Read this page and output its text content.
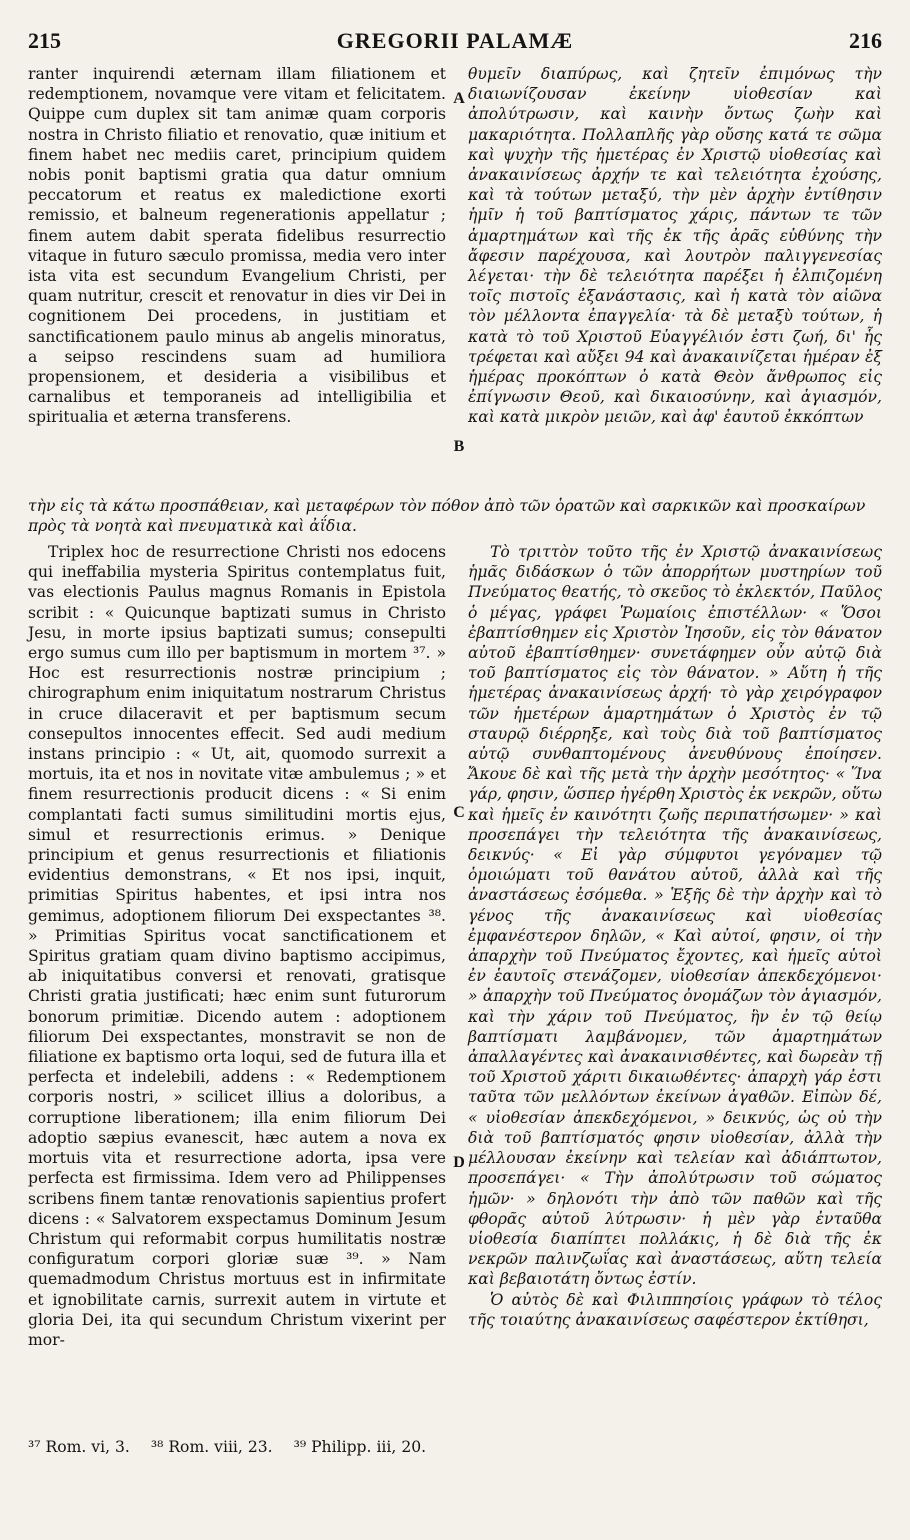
215	GREGORII PALAMÆ	216

ranter inquirendi æternam illam filiationem et redemptionem, novamque vere vitam et felicitatem. Quippe cum duplex sit tam animæ quam corporis nostra in Christo filiatio et renovatio, quæ initium et finem habet nec mediis caret, principium quidem nobis ponit baptismi gratia qua datur omnium peccatorum et reatus ex maledictione exorti remissio, et balneum regenerationis appellatur ; finem autem dabit sperata fidelibus resurrectio vitaque in futuro sæculo promissa, media vero inter ista vita est secundum Evangelium Christi, per quam nutritur, crescit et renovatur in dies vir Dei in cognitionem Dei procedens, in justitiam et sanctificationem paulo minus ab angelis minoratus, a seipso rescindens suam ad humiliora propensionem, et desideria a visibilibus et carnalibus et temporaneis ad intelligibilia et spiritualia et æterna transferens.

A

θυμεῖν διαπύρως, καὶ ζητεῖν ἐπιμόνως τὴν διαιωνίζουσαν ἐκείνην υἱοθεσίαν καὶ ἀπολύτρωσιν, καὶ καινὴν ὄντως ζωὴν καὶ μακαριότητα. Πολλαπλῆς γὰρ οὔσης κατά τε σῶμα καὶ ψυχὴν τῆς ἡμετέρας ἐν Χριστῷ υἱοθεσίας καὶ ἀνακαινίσεως ἀρχήν τε καὶ τελειότητα ἐχούσης, καὶ τὰ τούτων μεταξύ, τὴν μὲν ἀρχὴν ἐντίθησιν ἡμῖν ἡ τοῦ βαπτίσματος χάρις, πάντων τε τῶν ἁμαρτημάτων καὶ τῆς ἐκ τῆς ἀρᾶς εὐθύνης τὴν ἄφεσιν παρέχουσα, καὶ λουτρὸν παλιγγενεσίας λέγεται· τὴν δὲ τελειότητα παρέξει ἡ ἐλπιζομένη τοῖς πιστοῖς ἐξανάστασις, καὶ ἡ κατὰ τὸν αἰῶνα τὸν μέλλοντα ἐπαγγελία· τὰ δὲ μεταξὺ τούτων, ἡ κατὰ τὸ τοῦ Χριστοῦ Εὐαγγέλιόν ἐστι ζωή, δι' ἧς τρέφεται καὶ αὔξει 94 καὶ ἀνακαινίζεται ἡμέραν ἐξ ἡμέρας προκόπτων ὁ κατὰ Θεὸν ἄνθρωπος εἰς ἐπίγνωσιν Θεοῦ, καὶ δικαιοσύνην, καὶ ἁγιασμόν, καὶ κατὰ μικρὸν μειῶν, καὶ ἀφ' ἑαυτοῦ ἐκκόπτων

B
τὴν εἰς τὰ κάτω προσπάθειαν, καὶ μεταφέρων τὸν πόθον ἀπὸ τῶν ὁρατῶν καὶ σαρκικῶν καὶ προσκαίρων πρὸς τὰ νοητὰ καὶ πνευματικὰ καὶ ἀΐδια.

Triplex hoc de resurrectione Christi nos edocens qui ineffabilia mysteria Spiritus contemplatus fuit, vas electionis Paulus magnus Romanis in Epistola scribit : « Quicunque baptizati sumus in Christo Jesu, in morte ipsius baptizati sumus; consepulti ergo sumus cum illo per baptismum in mortem ³⁷. » Hoc est resurrectionis nostræ principium ; chirographum enim iniquitatum nostrarum Christus in cruce dilaceravit et per baptismum secum consepultos innocentes effecit. Sed audi medium instans principio : « Ut, ait, quomodo surrexit a mortuis, ita et nos in novitate vitæ ambulemus ; » et finem resurrectionis producit dicens : « Si enim complantati facti sumus similitudini mortis ejus, simul et resurrectionis erimus. » Denique principium et genus resurrectionis et filiationis evidentius demonstrans, « Et nos ipsi, inquit, primitias Spiritus habentes, et ipsi intra nos gemimus, adoptionem filiorum Dei exspectantes ³⁸. » Primitias Spiritus vocat sanctificationem et Spiritus gratiam quam divino baptismo accipimus, ab iniquitatibus conversi et renovati, gratisque Christi gratia justificati; hæc enim sunt futurorum bonorum primitiæ. Dicendo autem : adoptionem filiorum Dei exspectantes, monstravit se non de filiatione ex baptismo orta loqui, sed de futura illa et perfecta et indelebili, addens : « Redemptionem corporis nostri, » scilicet illius a doloribus, a corruptione liberationem; illa enim filiorum Dei adoptio sæpius evanescit, hæc autem a nova ex mortuis vita et resurrectione adorta, ipsa vere perfecta est firmissima. Idem vero ad Philippenses scribens finem tantæ renovationis sapientius profert dicens : « Salvatorem exspectamus Dominum Jesum Christum qui reformabit corpus humilitatis nostræ configuratum corpori gloriæ suæ ³⁹. » Nam quemadmodum Christus mortuus est in infirmitate et ignobilitate carnis, surrexit autem in virtute et gloria Dei, ita qui secundum Christum vixerint per mor-

C

Τὸ τριττὸν τοῦτο τῆς ἐν Χριστῷ ἀνακαινίσεως ἡμᾶς διδάσκων ὁ τῶν ἀπορρήτων μυστηρίων τοῦ Πνεύματος θεατής, τὸ σκεῦος τὸ ἐκλεκτόν, Παῦλος ὁ μέγας, γράφει Ῥωμαίοις ἐπιστέλλων· « Ὅσοι ἐβαπτίσθημεν εἰς Χριστὸν Ἰησοῦν, εἰς τὸν θάνατον αὐτοῦ ἐβαπτίσθημεν· συνετάφημεν οὖν αὐτῷ διὰ τοῦ βαπτίσματος εἰς τὸν θάνατον. » Αὕτη ἡ τῆς ἡμετέρας ἀνακαινίσεως ἀρχή· τὸ γὰρ χειρόγραφον τῶν ἡμετέρων ἁμαρτημάτων ὁ Χριστὸς ἐν τῷ σταυρῷ διέρρηξε, καὶ τοὺς διὰ τοῦ βαπτίσματος αὐτῷ συνθαπτομένους ἀνευθύνους ἐποίησεν. Ἄκουε δὲ καὶ τῆς μετὰ τὴν ἀρχὴν μεσότητος· « Ἵνα γάρ, φησιν, ὥσπερ ἠγέρθη Χριστὸς ἐκ νεκρῶν, οὕτω καὶ ἡμεῖς ἐν καινότητι ζωῆς περιπατήσωμεν· » καὶ προσεπάγει τὴν τελειότητα τῆς ἀνακαινίσεως, δεικνύς· « Εἰ γὰρ σύμφυτοι γεγόναμεν τῷ ὁμοιώματι τοῦ θανάτου αὐτοῦ, ἀλλὰ καὶ τῆς ἀναστάσεως ἐσόμεθα. » Ἑξῆς δὲ τὴν ἀρχὴν καὶ τὸ γένος τῆς ἀνακαινίσεως καὶ υἱοθεσίας ἐμφανέστερον δηλῶν, « Καὶ αὐτοί, φησιν, οἱ τὴν ἀπαρχὴν τοῦ Πνεύματος ἔχοντες, καὶ ἡμεῖς αὐτοὶ ἐν ἑαυτοῖς στενάζομεν, υἱοθεσίαν ἀπεκδεχόμενοι· » ἀπαρχὴν τοῦ Πνεύματος ὀνομάζων τὸν ἁγιασμόν, καὶ τὴν χάριν τοῦ Πνεύματος, ἣν ἐν τῷ θείῳ βαπτίσματι λαμβάνομεν, τῶν ἁμαρτημάτων ἀπαλλαγέντες καὶ ἀνακαινισθέντες, καὶ δωρεὰν τῇ τοῦ Χριστοῦ χάριτι δικαιωθέντες· ἀπαρχὴ γάρ ἐστι ταῦτα τῶν μελλόντων ἐκείνων ἀγαθῶν. Εἰπὼν δέ, « υἱοθεσίαν ἀπεκδεχόμενοι, » δεικνύς, ὡς οὐ τὴν διὰ τοῦ βαπτίσματός φησιν υἱοθεσίαν, ἀλλὰ τὴν μέλλουσαν ἐκείνην καὶ τελείαν καὶ ἀδιάπτωτον, προσεπάγει· « Τὴν ἀπολύτρωσιν τοῦ σώματος ἡμῶν· » δηλονότι τὴν ἀπὸ τῶν παθῶν καὶ τῆς φθορᾶς αὐτοῦ λύτρωσιν· ἡ μὲν γὰρ ἐνταῦθα υἱοθεσία διαπίπτει πολλάκις, ἡ δὲ διὰ τῆς ἐκ νεκρῶν παλινζωΐας καὶ ἀναστάσεως, αὕτη τελεία καὶ βεβαιοτάτη ὄντως ἐστίν.

Ὁ αὐτὸς δὲ καὶ Φιλιππησίοις γράφων τὸ τέλος τῆς τοιαύτης ἀνακαινίσεως σαφέστερον ἐκτίθησι,

D
³⁷ Rom. vi, 3. ³⁸ Rom. viii, 23. ³⁹ Philipp. iii, 20.
